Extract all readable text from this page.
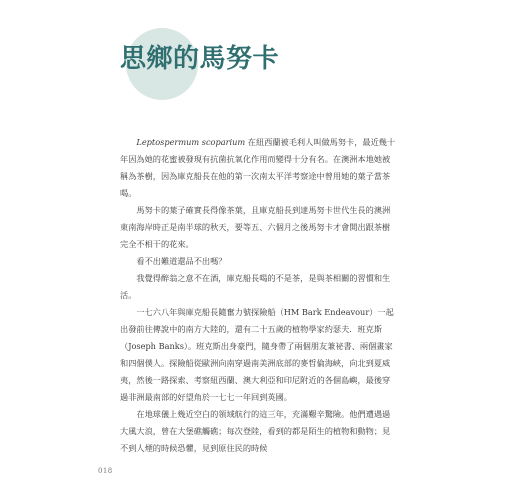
思鄉的馬努卡

Leptospermum scoparium 在紐西蘭被毛利人叫做馬努卡，最近幾十年因為她的花蜜被發現有抗菌抗氧化作用而變得十分有名。在澳洲本地她被稱為茶樹，因為庫克船長在他的第一次南太平洋考察途中曾用她的葉子當茶喝。

馬努卡的葉子確實長得像茶葉，且庫克船長到達馬努卡世代生長的澳洲東南海岸時正是南半球的秋天，要等五、六個月之後馬努卡才會開出跟茶樹完全不相干的花來。

看不出難道還品不出嗎？

我覺得醉翁之意不在酒，庫克船長喝的不是茶，是與茶相關的習慣和生活。

一七六八年與庫克船長隨奮力號探險船（HM Bark Endeavour）一起出發前往傳說中的南方大陸的，還有二十五歲的植物學家約瑟夫．班克斯（Joseph Banks）。班克斯出身豪門，隨身帶了兩個朋友兼祕書、兩個畫家和四個僕人。探險船從歐洲向南穿過南美洲底部的麥哲倫海峽，向北到夏威夷，然後一路探索、考察紐西蘭、澳大利亞和印尼附近的各個島嶼，最後穿過非洲最南部的好望角於一七七一年回到英國。

在地球儀上幾近空白的領域航行的這三年，充滿艱辛驚險。他們遭遇過大風大浪，曾在大堡礁觸礁；每次登陸，看到的都是陌生的植物和動物；見不到人煙的時候恐懼，見到原住民的時候

018
